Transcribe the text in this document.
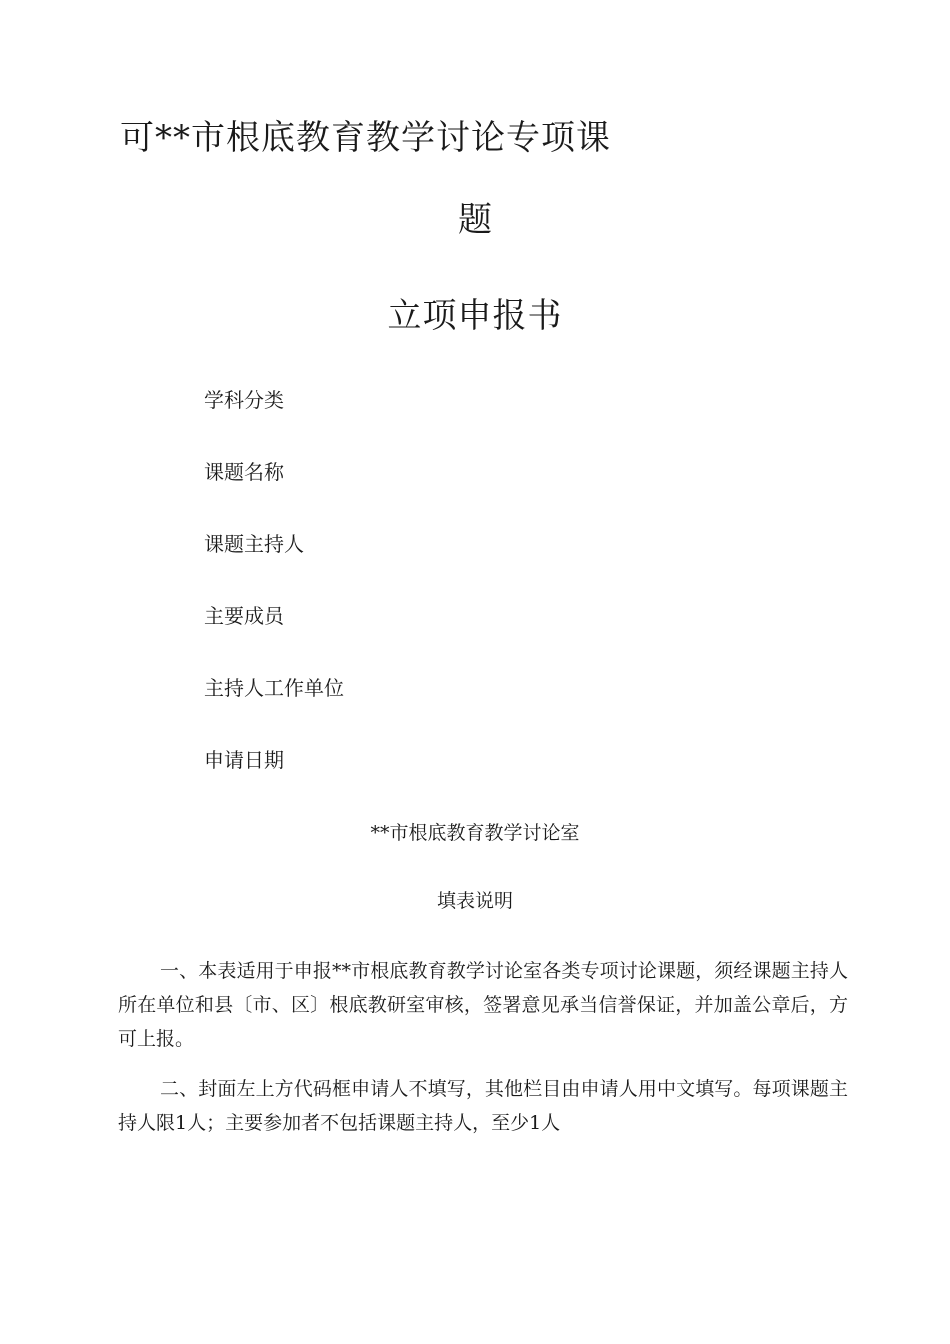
可**市根底教育教学讨论专项课
题
立项申报书
学科分类
课题名称
课题主持人
主要成员
主持人工作单位
申请日期
**市根底教育教学讨论室
填表说明

一、本表适用于申报**市根底教育教学讨论室各类专项讨论课题，须经课题主持人所在单位和县〔市、区〕根底教研室审核，签署意见承当信誉保证，并加盖公章后，方可上报。

二、封面左上方代码框申请人不填写，其他栏目由申请人用中文填写。每项课题主持人限1人；主要参加者不包括课题主持人，至少1人
